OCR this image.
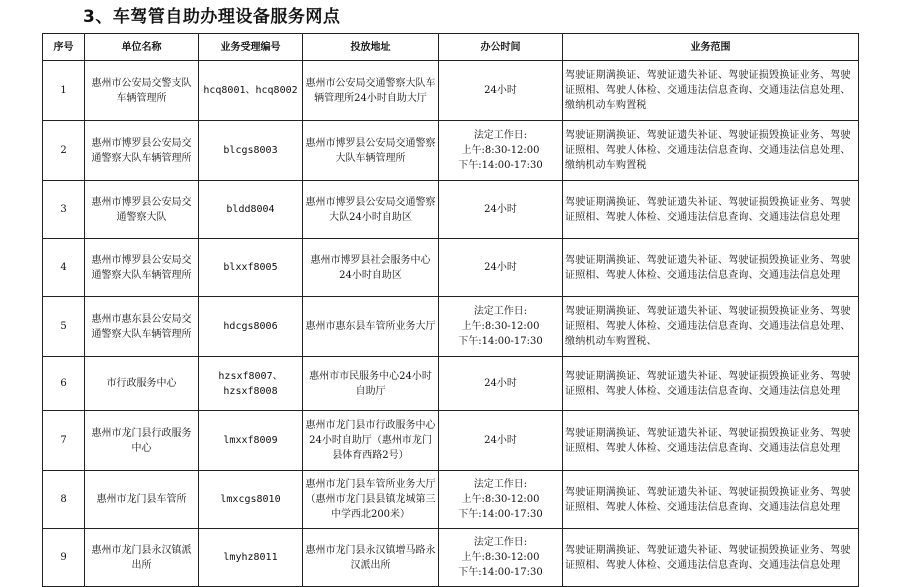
3、车驾管自助办理设备服务网点
序号	单位名称	业务受理编号	投放地址	办公时间	业务范围
1	惠州市公安局交警支队车辆管理所	hcq8001、hcq8002	惠州市公安局交通警察大队车辆管理所24小时自助大厅	24小时	驾驶证期满换证、驾驶证遗失补证、驾驶证损毁换证业务、驾驶证照相、驾驶人体检、交通违法信息查询、交通违法信息处理、缴纳机动车购置税
2	惠州市博罗县公安局交通警察大队车辆管理所	blcgs8003	惠州市博罗县公安局交通警察大队车辆管理所	法定工作日:
上午:8:30-12:00
下午:14:00-17:30	驾驶证期满换证、驾驶证遗失补证、驾驶证损毁换证业务、驾驶证照相、驾驶人体检、交通违法信息查询、交通违法信息处理、缴纳机动车购置税
3	惠州市博罗县公安局交通警察大队	bldd8004	惠州市博罗县公安局交通警察大队24小时自助区	24小时	驾驶证期满换证、驾驶证遗失补证、驾驶证损毁换证业务、驾驶证照相、驾驶人体检、交通违法信息查询、交通违法信息处理
4	惠州市博罗县公安局交通警察大队车辆管理所	blxxf8005	惠州市博罗县社会服务中心24小时自助区	24小时	驾驶证期满换证、驾驶证遗失补证、驾驶证损毁换证业务、驾驶证照相、驾驶人体检、交通违法信息查询、交通违法信息处理
5	惠州市惠东县公安局交通警察大队车辆管理所	hdcgs8006	惠州市惠东县车管所业务大厅	法定工作日:
上午:8:30-12:00
下午:14:00-17:30	驾驶证期满换证、驾驶证遗失补证、驾驶证损毁换证业务、驾驶证照相、驾驶人体检、交通违法信息查询、交通违法信息处理、缴纳机动车购置税、
6	市行政服务中心	hzsxf8007、hzsxf8008	惠州市市民服务中心24小时自助厅	24小时	驾驶证期满换证、驾驶证遗失补证、驾驶证损毁换证业务、驾驶证照相、驾驶人体检、交通违法信息查询、交通违法信息处理
7	惠州市龙门县行政服务中心	lmxxf8009	惠州市龙门县市行政服务中心24小时自助厅（惠州市龙门县体育西路2号）	24小时	驾驶证期满换证、驾驶证遗失补证、驾驶证损毁换证业务、驾驶证照相、驾驶人体检、交通违法信息查询、交通违法信息处理
8	惠州市龙门县车管所	lmxcgs8010	惠州市龙门县车管所业务大厅（惠州市龙门县县镇龙城第三中学西北200米）	法定工作日:
上午:8:30-12:00
下午:14:00-17:30	驾驶证期满换证、驾驶证遗失补证、驾驶证损毁换证业务、驾驶证照相、驾驶人体检、交通违法信息查询、交通违法信息处理
9	惠州市龙门县永汉镇派出所	lmyhz8011	惠州市龙门县永汉镇增马路永汉派出所	法定工作日:
上午:8:30-12:00
下午:14:00-17:30	驾驶证期满换证、驾驶证遗失补证、驾驶证损毁换证业务、驾驶证照相、驾驶人体检、交通违法信息查询、交通违法信息处理
